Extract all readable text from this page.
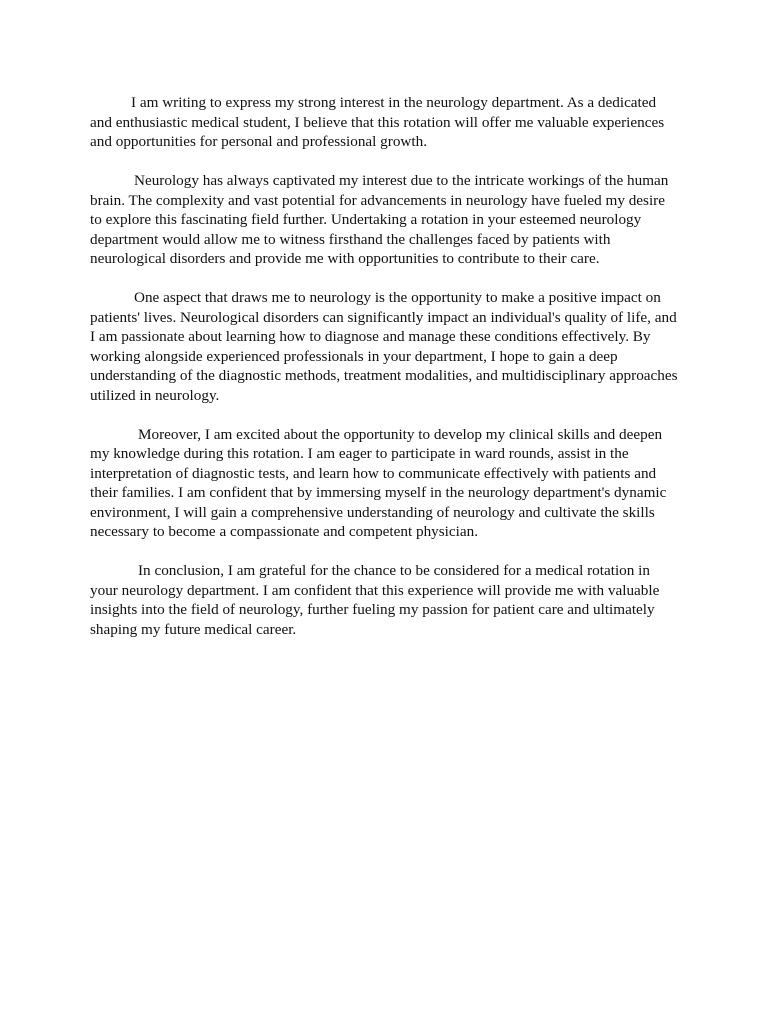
I am writing to express my strong interest in the neurology department. As a dedicated and enthusiastic medical student, I believe that this rotation will offer me valuable experiences and opportunities for personal and professional growth.

Neurology has always captivated my interest due to the intricate workings of the human brain. The complexity and vast potential for advancements in neurology have fueled my desire to explore this fascinating field further. Undertaking a rotation in your esteemed neurology department would allow me to witness firsthand the challenges faced by patients with neurological disorders and provide me with opportunities to contribute to their care.

One aspect that draws me to neurology is the opportunity to make a positive impact on patients' lives. Neurological disorders can significantly impact an individual's quality of life, and I am passionate about learning how to diagnose and manage these conditions effectively. By working alongside experienced professionals in your department, I hope to gain a deep understanding of the diagnostic methods, treatment modalities, and multidisciplinary approaches utilized in neurology.

Moreover, I am excited about the opportunity to develop my clinical skills and deepen my knowledge during this rotation. I am eager to participate in ward rounds, assist in the interpretation of diagnostic tests, and learn how to communicate effectively with patients and their families. I am confident that by immersing myself in the neurology department's dynamic environment, I will gain a comprehensive understanding of neurology and cultivate the skills necessary to become a compassionate and competent physician.

In conclusion, I am grateful for the chance to be considered for a medical rotation in your neurology department. I am confident that this experience will provide me with valuable insights into the field of neurology, further fueling my passion for patient care and ultimately shaping my future medical career.
